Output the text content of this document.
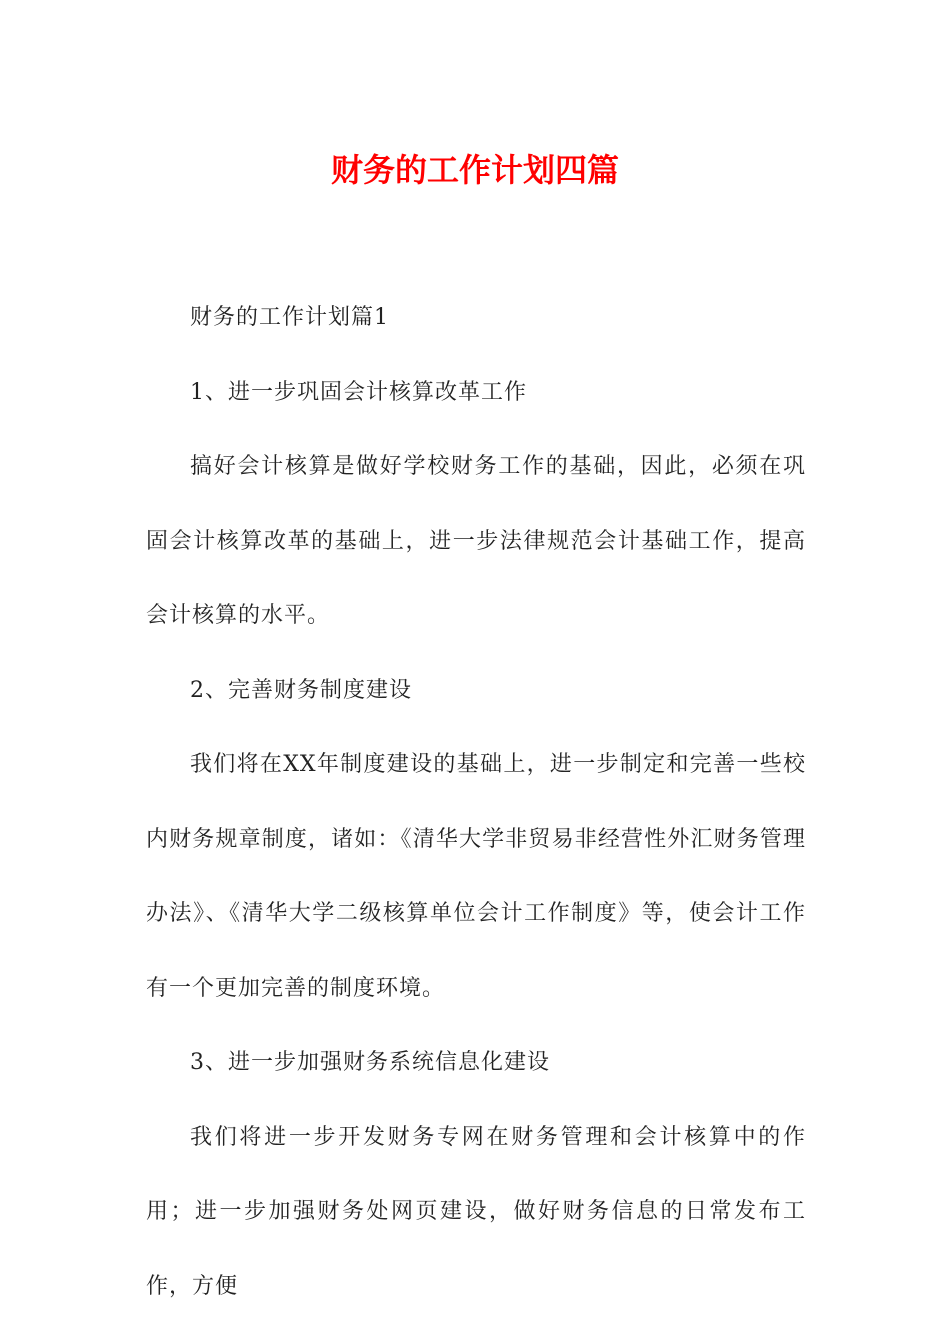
财务的工作计划四篇

财务的工作计划篇1

1、进一步巩固会计核算改革工作

搞好会计核算是做好学校财务工作的基础，因此，必须在巩固会计核算改革的基础上，进一步法律规范会计基础工作，提高会计核算的水平。

2、完善财务制度建设

我们将在XX年制度建设的基础上，进一步制定和完善一些校内财务规章制度，诸如：《清华大学非贸易非经营性外汇财务管理办法》、《清华大学二级核算单位会计工作制度》等，使会计工作有一个更加完善的制度环境。

3、进一步加强财务系统信息化建设

我们将进一步开发财务专网在财务管理和会计核算中的作用；进一步加强财务处网页建设，做好财务信息的日常发布工作，方便
